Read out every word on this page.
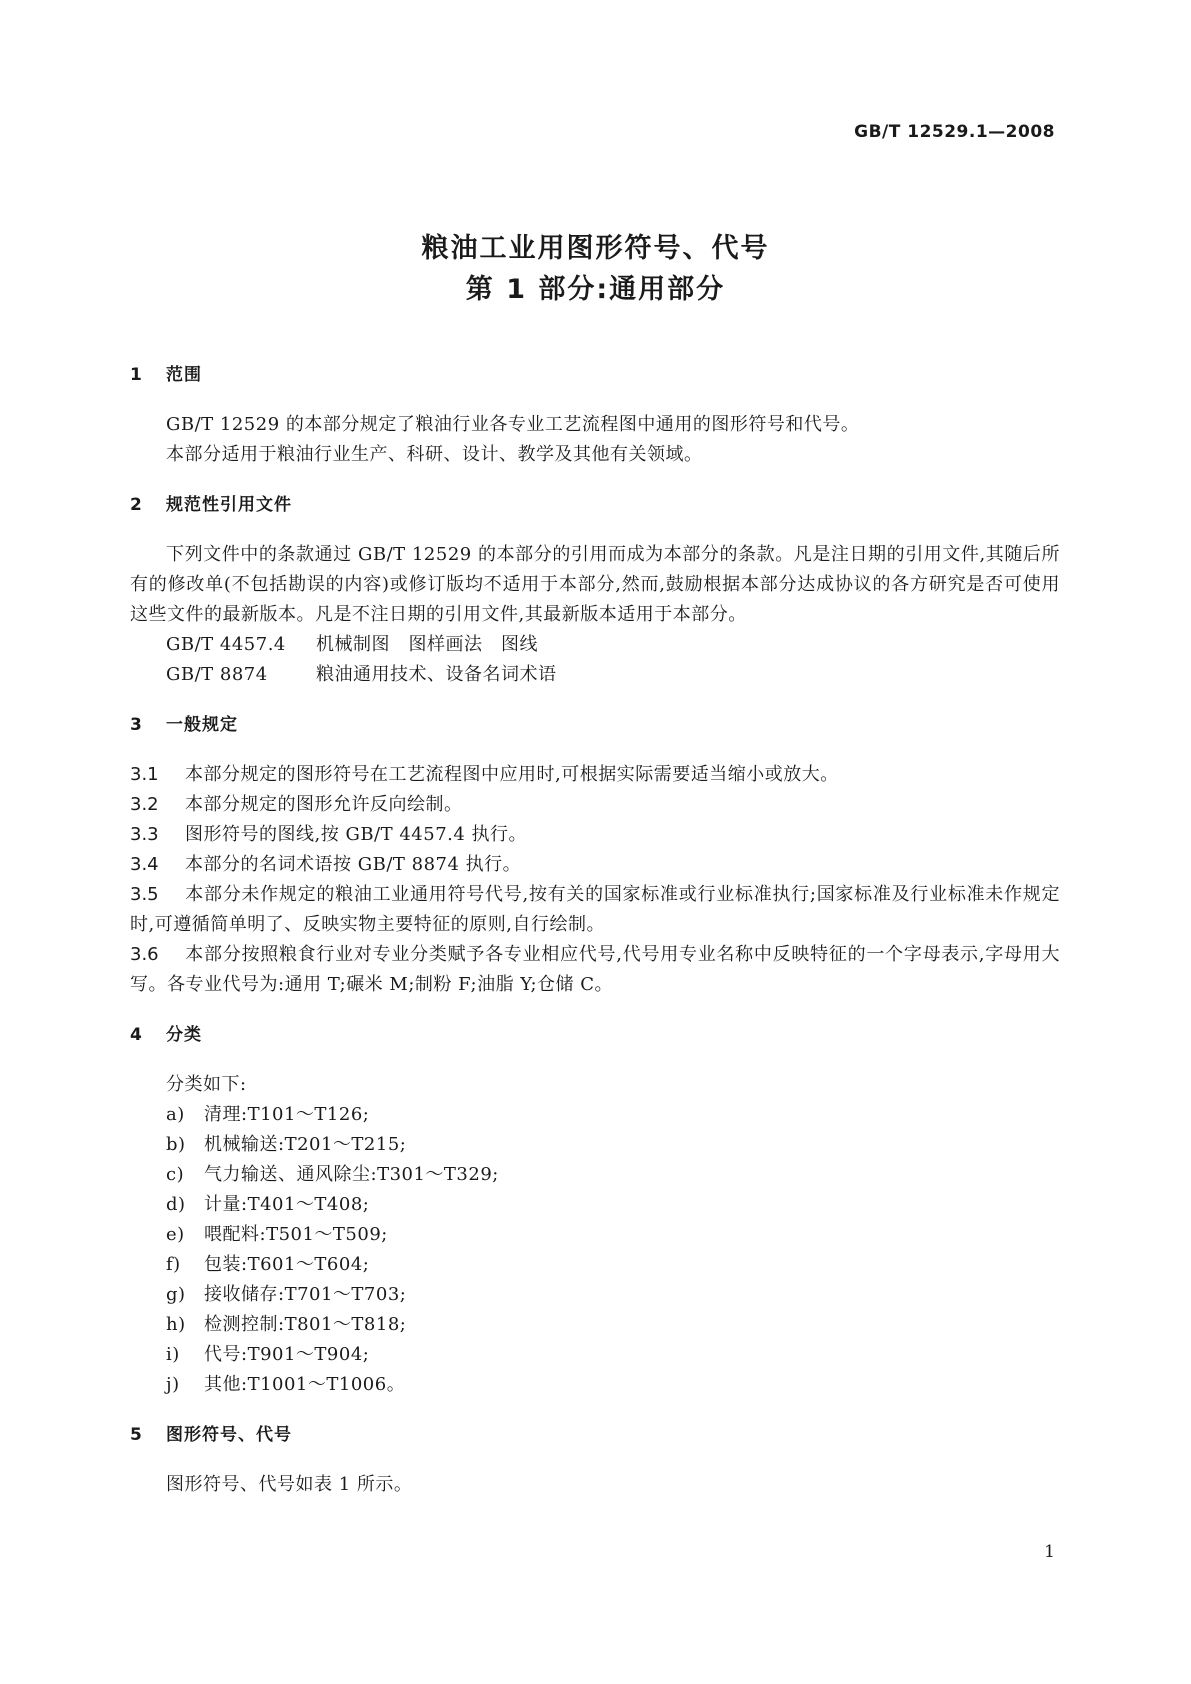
GB/T 12529.1—2008
粮油工业用图形符号、代号
第 1 部分:通用部分
1 范围
GB/T 12529 的本部分规定了粮油行业各专业工艺流程图中通用的图形符号和代号。
本部分适用于粮油行业生产、科研、设计、教学及其他有关领域。
2 规范性引用文件
下列文件中的条款通过 GB/T 12529 的本部分的引用而成为本部分的条款。凡是注日期的引用文件,其随后所有的修改单(不包括勘误的内容)或修订版均不适用于本部分,然而,鼓励根据本部分达成协议的各方研究是否可使用这些文件的最新版本。凡是不注日期的引用文件,其最新版本适用于本部分。
GB/T 4457.4 机械制图　图样画法　图线
GB/T 8874	粮油通用技术、设备名词术语
3 一般规定
3.1 本部分规定的图形符号在工艺流程图中应用时,可根据实际需要适当缩小或放大。
3.2 本部分规定的图形允许反向绘制。
3.3 图形符号的图线,按 GB/T 4457.4 执行。
3.4 本部分的名词术语按 GB/T 8874 执行。
3.5 本部分未作规定的粮油工业通用符号代号,按有关的国家标准或行业标准执行;国家标准及行业标准未作规定时,可遵循简单明了、反映实物主要特征的原则,自行绘制。
3.6 本部分按照粮食行业对专业分类赋予各专业相应代号,代号用专业名称中反映特征的一个字母表示,字母用大写。各专业代号为:通用 T;碾米 M;制粉 F;油脂 Y;仓储 C。
4 分类
分类如下:
a) 清理:T101～T126;
b) 机械输送:T201～T215;
c) 气力输送、通风除尘:T301～T329;
d) 计量:T401～T408;
e) 喂配料:T501～T509;
f) 包装:T601～T604;
g) 接收储存:T701～T703;
h) 检测控制:T801～T818;
i) 代号:T901～T904;
j) 其他:T1001～T1006。
5 图形符号、代号
图形符号、代号如表 1 所示。
1
